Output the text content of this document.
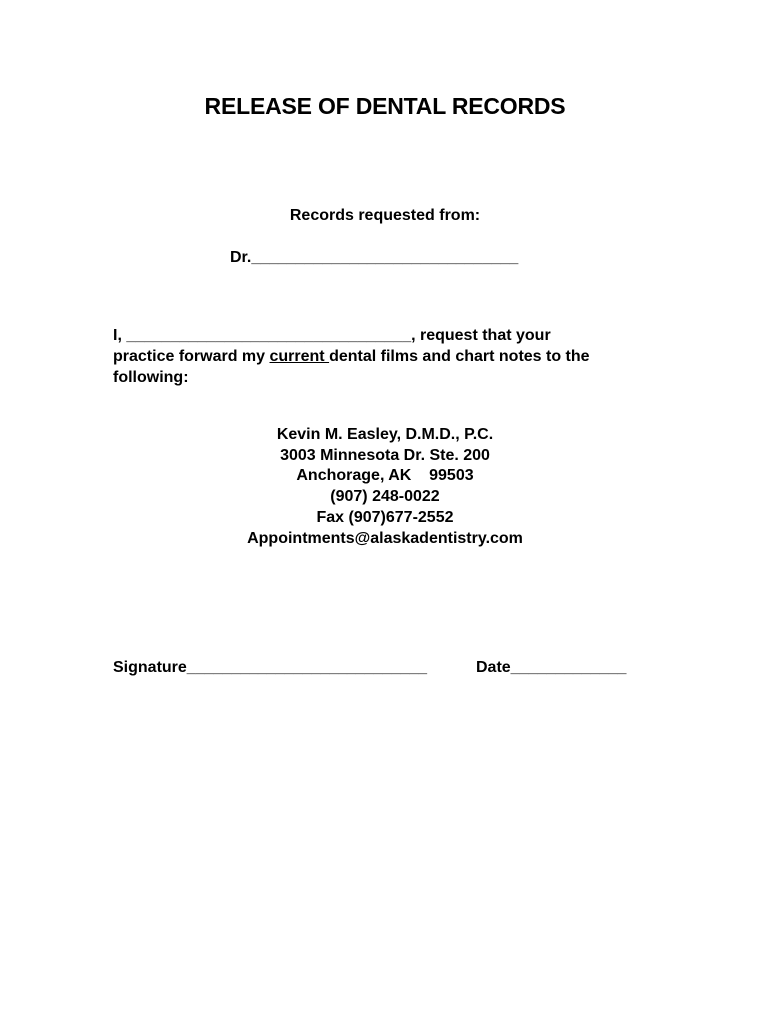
RELEASE OF DENTAL RECORDS
Records requested from:
Dr.______________________________
I, ________________________________, request that your
practice forward my current dental films and chart notes to the
following:
Kevin M. Easley, D.M.D., P.C.
3003 Minnesota Dr. Ste. 200
Anchorage, AK    99503
(907) 248-0022
Fax (907)677-2552
Appointments@alaskadentistry.com
Signature___________________________	Date_____________
